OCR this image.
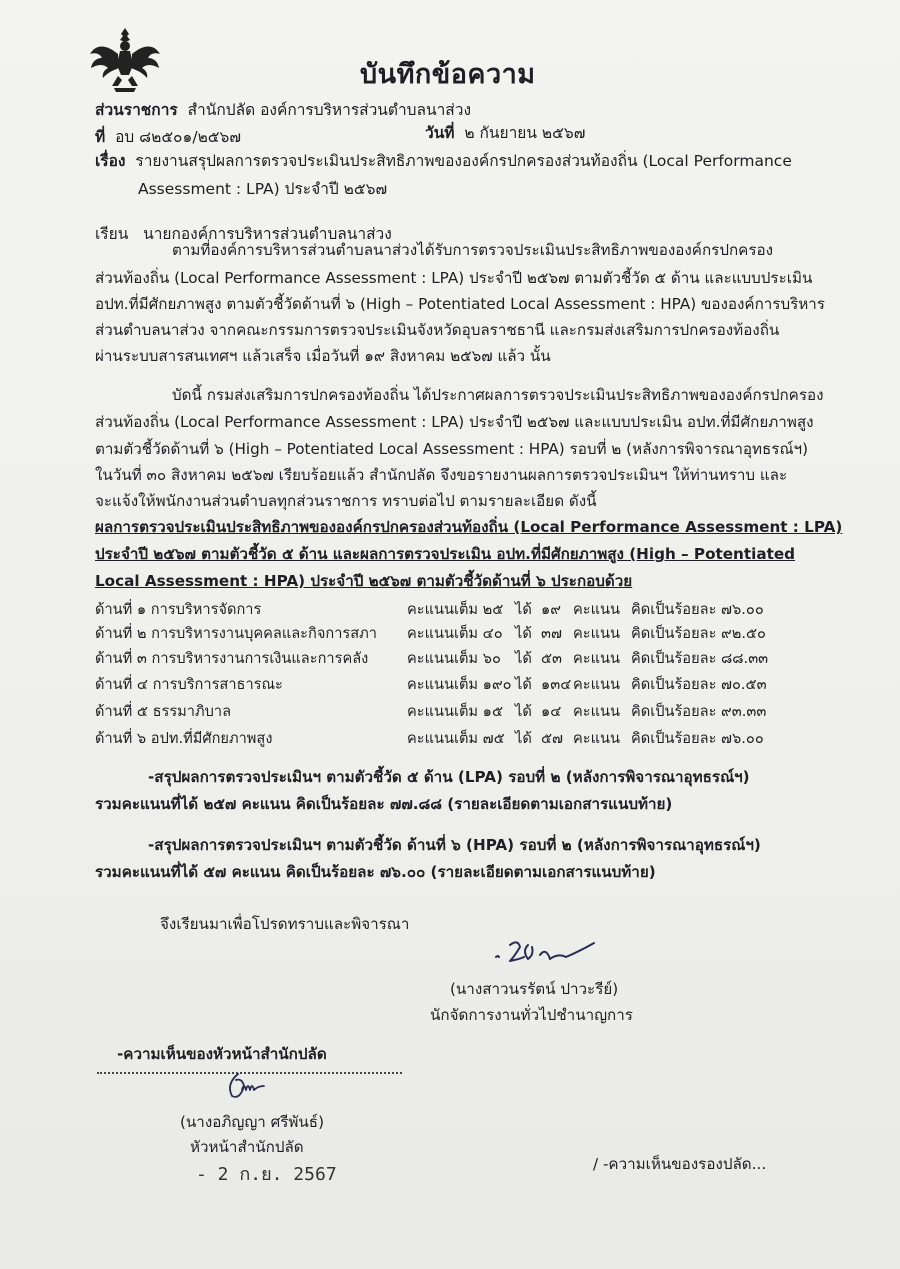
บันทึกข้อความ
ส่วนราชการ สำนักปลัด องค์การบริหารส่วนตำบลนาส่วง
ที่ อบ ๘๒๕๐๑/๒๕๖๗	วันที่ ๒ กันยายน ๒๕๖๗
เรื่อง รายงานสรุปผลการตรวจประเมินประสิทธิภาพขององค์กรปกครองส่วนท้องถิ่น (Local Performance
Assessment : LPA) ประจำปี ๒๕๖๗
เรียน นายกองค์การบริหารส่วนตำบลนาส่วง
ตามที่องค์การบริหารส่วนตำบลนาส่วงได้รับการตรวจประเมินประสิทธิภาพขององค์กรปกครอง
ส่วนท้องถิ่น (Local Performance Assessment : LPA) ประจำปี ๒๕๖๗ ตามตัวชี้วัด ๕ ด้าน และแบบประเมิน
อปท.ที่มีศักยภาพสูง ตามตัวชี้วัดด้านที่ ๖ (High – Potentiated Local Assessment : HPA) ขององค์การบริหาร
ส่วนตำบลนาส่วง จากคณะกรรมการตรวจประเมินจังหวัดอุบลราชธานี และกรมส่งเสริมการปกครองท้องถิ่น
ผ่านระบบสารสนเทศฯ แล้วเสร็จ เมื่อวันที่ ๑๙ สิงหาคม ๒๕๖๗ แล้ว นั้น
บัดนี้ กรมส่งเสริมการปกครองท้องถิ่น ได้ประกาศผลการตรวจประเมินประสิทธิภาพขององค์กรปกครอง
ส่วนท้องถิ่น (Local Performance Assessment : LPA) ประจำปี ๒๕๖๗ และแบบประเมิน อปท.ที่มีศักยภาพสูง
ตามตัวชี้วัดด้านที่ ๖ (High – Potentiated Local Assessment : HPA) รอบที่ ๒ (หลังการพิจารณาอุทธรณ์ฯ)
ในวันที่ ๓๐ สิงหาคม ๒๕๖๗ เรียบร้อยแล้ว สำนักปลัด จึงขอรายงานผลการตรวจประเมินฯ ให้ท่านทราบ และ
จะแจ้งให้พนักงานส่วนตำบลทุกส่วนราชการ ทราบต่อไป ตามรายละเอียด ดังนี้
ผลการตรวจประเมินประสิทธิภาพขององค์กรปกครองส่วนท้องถิ่น (Local Performance Assessment : LPA)
ประจำปี ๒๕๖๗ ตามตัวชี้วัด ๕ ด้าน และผลการตรวจประเมิน อปท.ที่มีศักยภาพสูง (High – Potentiated
Local Assessment : HPA) ประจำปี ๒๕๖๗ ตามตัวชี้วัดด้านที่ ๖ ประกอบด้วย
ด้านที่ ๑ การบริหารจัดการ	คะแนนเต็ม ๒๕ ได้ ๑๙ คะแนน คิดเป็นร้อยละ ๗๖.๐๐
ด้านที่ ๒ การบริหารงานบุคคลและกิจการสภา คะแนนเต็ม ๔๐ ได้ ๓๗ คะแนน คิดเป็นร้อยละ ๙๒.๕๐
ด้านที่ ๓ การบริหารงานการเงินและการคลัง	คะแนนเต็ม ๖๐ ได้ ๕๓ คะแนน คิดเป็นร้อยละ ๘๘.๓๓
ด้านที่ ๔ การบริการสาธารณะ	คะแนนเต็ม ๑๙๐ ได้ ๑๓๔ คะแนน คิดเป็นร้อยละ ๗๐.๕๓
ด้านที่ ๕ ธรรมาภิบาล	คะแนนเต็ม ๑๕ ได้ ๑๔ คะแนน คิดเป็นร้อยละ ๙๓.๓๓
ด้านที่ ๖ อปท.ที่มีศักยภาพสูง	คะแนนเต็ม ๗๕ ได้ ๕๗ คะแนน คิดเป็นร้อยละ ๗๖.๐๐
-สรุปผลการตรวจประเมินฯ ตามตัวชี้วัด ๕ ด้าน (LPA) รอบที่ ๒ (หลังการพิจารณาอุทธรณ์ฯ)
รวมคะแนนที่ได้ ๒๕๗ คะแนน คิดเป็นร้อยละ ๗๗.๘๘ (รายละเอียดตามเอกสารแนบท้าย)
-สรุปผลการตรวจประเมินฯ ตามตัวชี้วัด ด้านที่ ๖ (HPA) รอบที่ ๒ (หลังการพิจารณาอุทธรณ์ฯ)
รวมคะแนนที่ได้ ๕๗ คะแนน คิดเป็นร้อยละ ๗๖.๐๐ (รายละเอียดตามเอกสารแนบท้าย)
จึงเรียนมาเพื่อโปรดทราบและพิจารณา
(นางสาวนรรัตน์ ปาวะรีย์)
นักจัดการงานทั่วไปชำนาญการ
-ความเห็นของหัวหน้าสำนักปลัด
(นางอภิญญา ศรีพันธ์)
หัวหน้าสำนักปลัด
- 2 ก.ย. 2567	/ -ความเห็นของรองปลัด...
